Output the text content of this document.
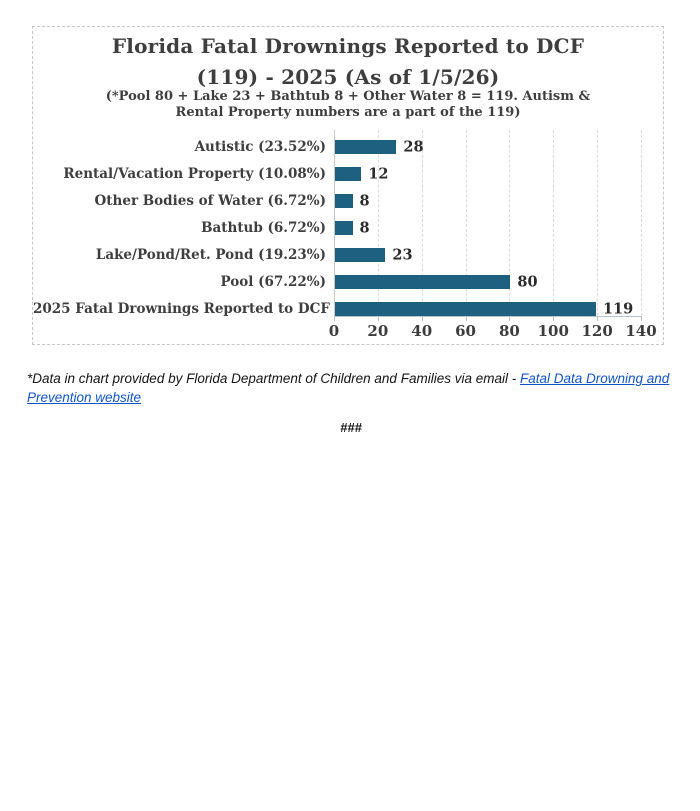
Florida Fatal Drownings Reported to DCF
(119) - 2025 (As of 1/5/26)
(*Pool 80 + Lake 23 + Bathtub 8 + Other Water 8 = 119. Autism &
Rental Property numbers are a part of the 119)
0 20 40 60 80 100 120 140
Autistic (23.52%)	28
Rental/Vacation Property (10.08%)	12
Other Bodies of Water (6.72%) 8
Bathtub (6.72%) 8
Lake/Pond/Ret. Pond (19.23%)	23
Pool (67.22%)	80
2025 Fatal Drownings Reported to DCF	119

*Data in chart provided by Florida Department of Children and Families via email - Fatal Data Drowning and Prevention website

###
